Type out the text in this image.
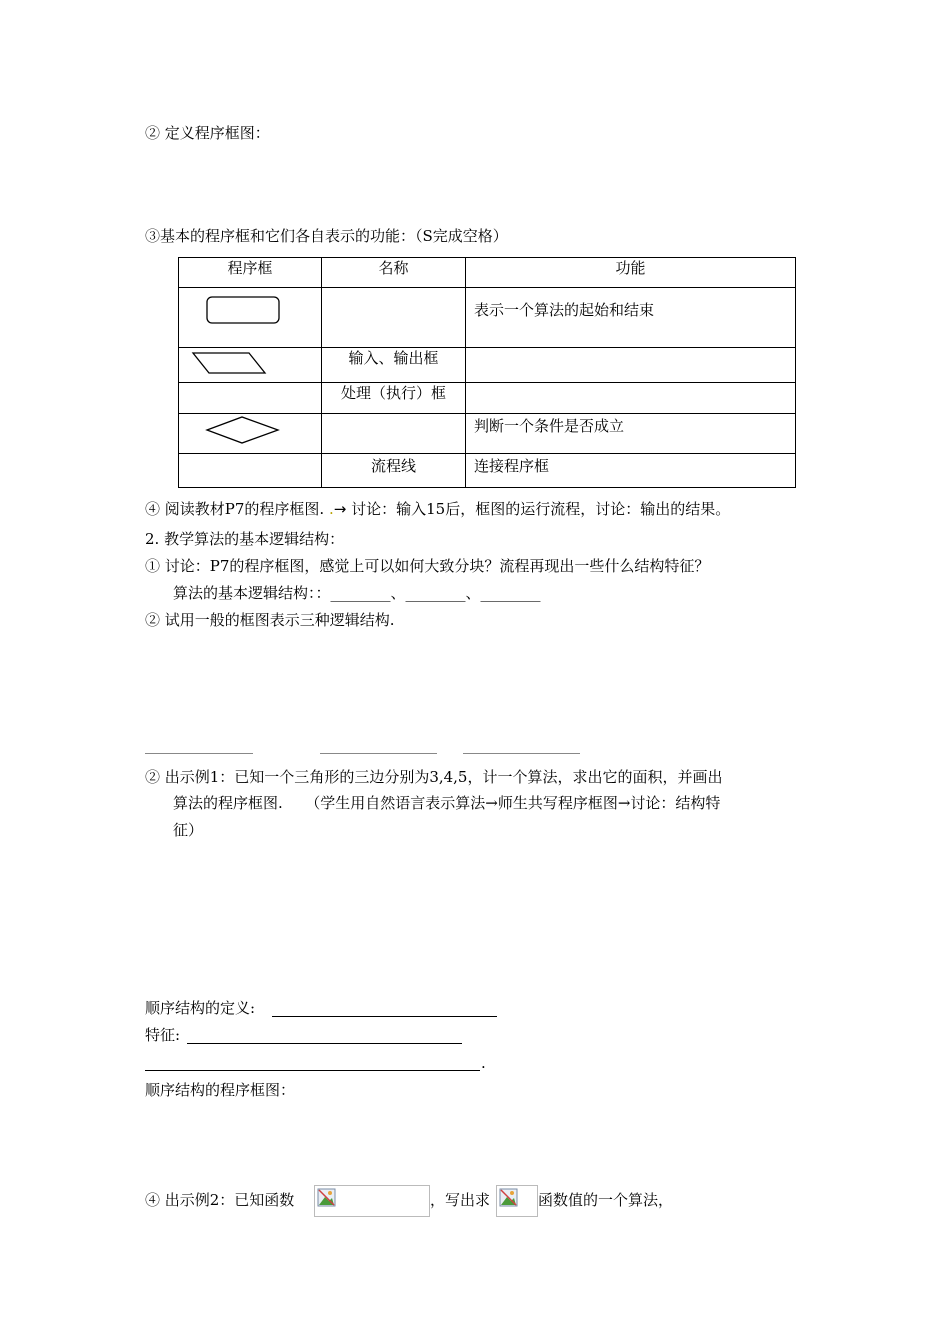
② 定义程序框图：
③基本的程序框和它们各自表示的功能：（S完成空格）
程序框	名称	功能
		表示一个算法的起始和结束
	输入、输出框	
	处理（执行）框	
		判断一个条件是否成立
	流程线	连接程序框
④ 阅读教材P7的程序框图. .→ 讨论：输入15后，框图的运行流程，讨论：输出的结果。
2. 教学算法的基本逻辑结构：
① 讨论：P7的程序框图，感觉上可以如何大致分块？流程再现出一些什么结构特征？
算法的基本逻辑结构：：________、________、________
② 试用一般的框图表示三种逻辑结构.
② 出示例1：已知一个三角形的三边分别为3,4,5，计一个算法，求出它的面积，并画出
算法的程序框图.　　（学生用自然语言表示算法→师生共写程序框图→讨论：结构特
征）
顺序结构的定义:
特征:
.
顺序结构的程序框图：
④ 出示例2：已知函数	，写出求	函数值的一个算法，
